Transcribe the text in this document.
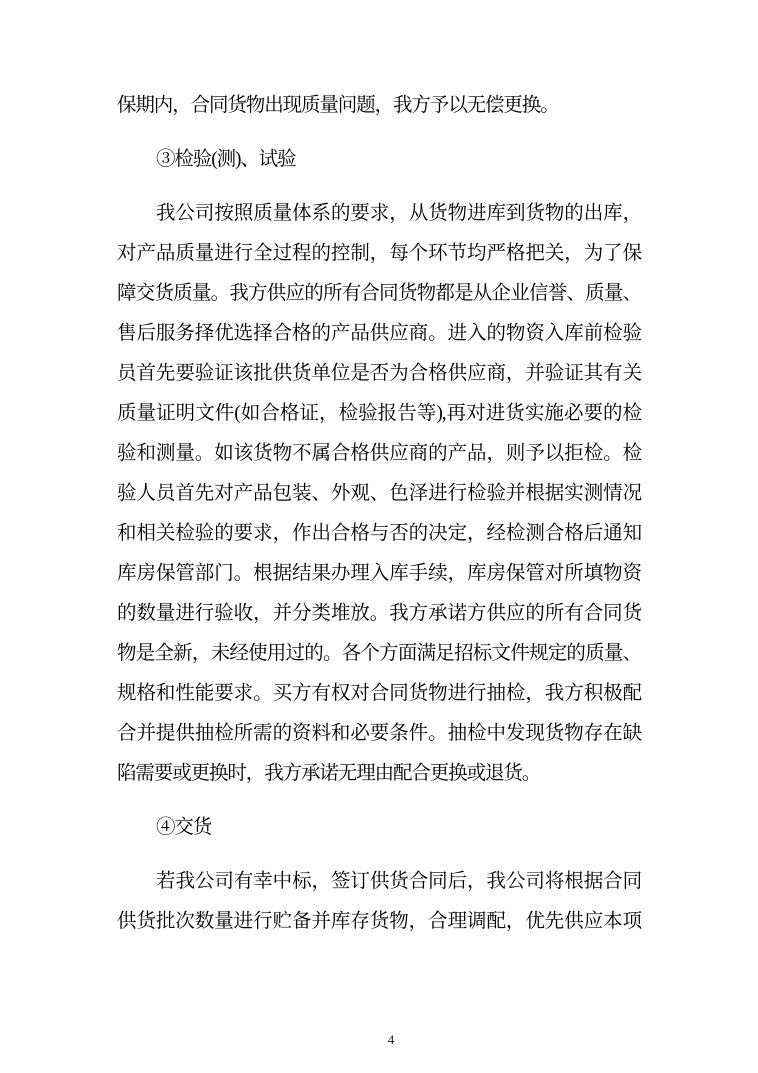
保期内，合同货物出现质量问题，我方予以无偿更换。
③检验(测)、试验
我公司按照质量体系的要求，从货物进库到货物的出库，
对产品质量进行全过程的控制，每个环节均严格把关，为了保
障交货质量。我方供应的所有合同货物都是从企业信誉、质量、
售后服务择优选择合格的产品供应商。进入的物资入库前检验
员首先要验证该批供货单位是否为合格供应商，并验证其有关
质量证明文件(如合格证，检验报告等),再对进货实施必要的检
验和测量。如该货物不属合格供应商的产品，则予以拒检。检
验人员首先对产品包装、外观、色泽进行检验并根据实测情况
和相关检验的要求，作出合格与否的决定，经检测合格后通知
库房保管部门。根据结果办理入库手续，库房保管对所填物资
的数量进行验收，并分类堆放。我方承诺方供应的所有合同货
物是全新，未经使用过的。各个方面满足招标文件规定的质量、
规格和性能要求。买方有权对合同货物进行抽检，我方积极配
合并提供抽检所需的资料和必要条件。抽检中发现货物存在缺
陷需要或更换时，我方承诺无理由配合更换或退货。
④交货
若我公司有幸中标，签订供货合同后，我公司将根据合同
供货批次数量进行贮备并库存货物，合理调配，优先供应本项
4
